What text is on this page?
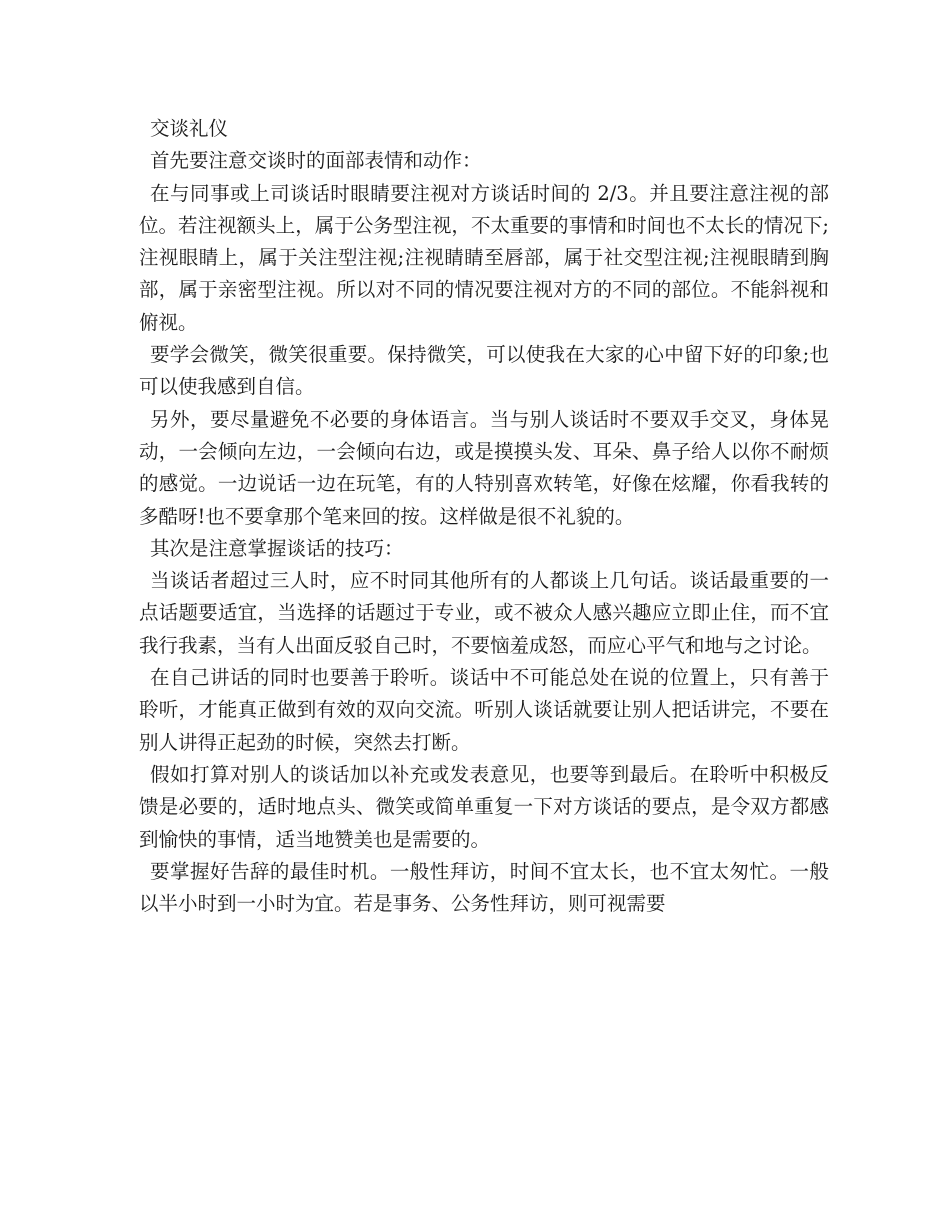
交谈礼仪

首先要注意交谈时的面部表情和动作：

在与同事或上司谈话时眼睛要注视对方谈话时间的 2/3。并且要注意注视的部位。若注视额头上，属于公务型注视，不太重要的事情和时间也不太长的情况下;注视眼睛上，属于关注型注视;注视睛睛至唇部，属于社交型注视;注视眼睛到胸部，属于亲密型注视。所以对不同的情况要注视对方的不同的部位。不能斜视和俯视。

要学会微笑，微笑很重要。保持微笑，可以使我在大家的心中留下好的印象;也可以使我感到自信。

另外，要尽量避免不必要的身体语言。当与别人谈话时不要双手交叉，身体晃动，一会倾向左边，一会倾向右边，或是摸摸头发、耳朵、鼻子给人以你不耐烦的感觉。一边说话一边在玩笔，有的人特别喜欢转笔，好像在炫耀，你看我转的多酷呀!也不要拿那个笔来回的按。这样做是很不礼貌的。

其次是注意掌握谈话的技巧：

当谈话者超过三人时，应不时同其他所有的人都谈上几句话。谈话最重要的一点话题要适宜，当选择的话题过于专业，或不被众人感兴趣应立即止住，而不宜我行我素，当有人出面反驳自己时，不要恼羞成怒，而应心平气和地与之讨论。

在自己讲话的同时也要善于聆听。谈话中不可能总处在说的位置上，只有善于聆听，才能真正做到有效的双向交流。听别人谈话就要让别人把话讲完，不要在别人讲得正起劲的时候，突然去打断。

假如打算对别人的谈话加以补充或发表意见，也要等到最后。在聆听中积极反馈是必要的，适时地点头、微笑或简单重复一下对方谈话的要点，是令双方都感到愉快的事情，适当地赞美也是需要的。

要掌握好告辞的最佳时机。一般性拜访，时间不宜太长，也不宜太匆忙。一般以半小时到一小时为宜。若是事务、公务性拜访，则可视需要
